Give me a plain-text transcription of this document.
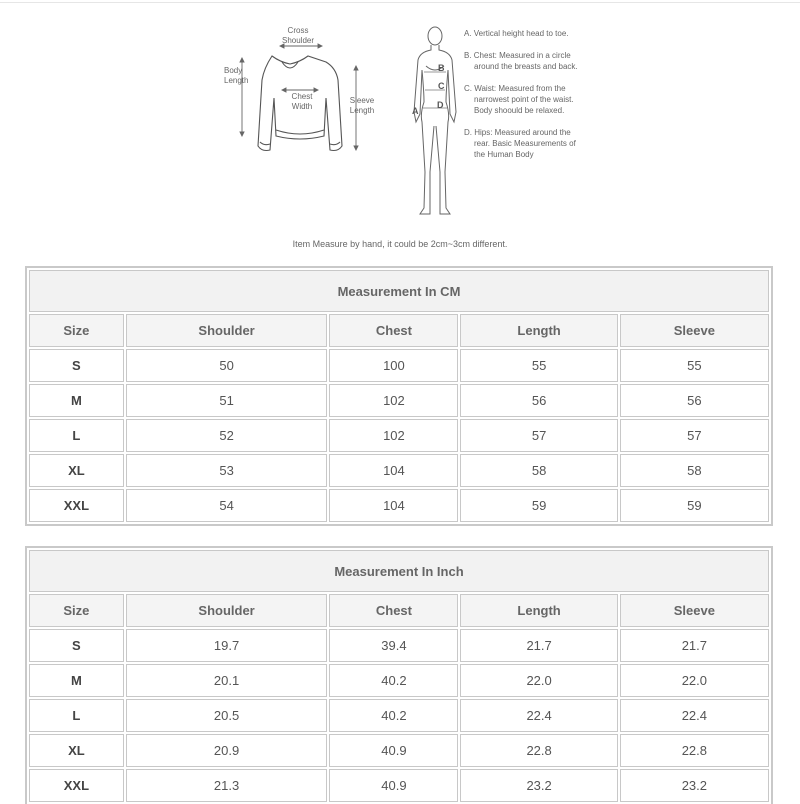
Cross
Shoulder
Body
Length
Chest
Width
Sleeve
Length
B
C
D
A
A. Vertical height head to toe.
B. Chest: Measured in a circle around the breasts and back.
C. Waist: Measured from the narrowest point of the waist. Body shoould be relaxed.
D. Hips: Measured around the rear. Basic Measurements of the Human Body
Item Measure by hand, it could be 2cm~3cm different.
Measurement In CM				
Size	Shoulder	Chest	Length	Sleeve
S	50	100	55	55
M	51	102	56	56
L	52	102	57	57
XL	53	104	58	58
XXL	54	104	59	59
Measurement In Inch				
Size	Shoulder	Chest	Length	Sleeve
S	19.7	39.4	21.7	21.7
M	20.1	40.2	22.0	22.0
L	20.5	40.2	22.4	22.4
XL	20.9	40.9	22.8	22.8
XXL	21.3	40.9	23.2	23.2
